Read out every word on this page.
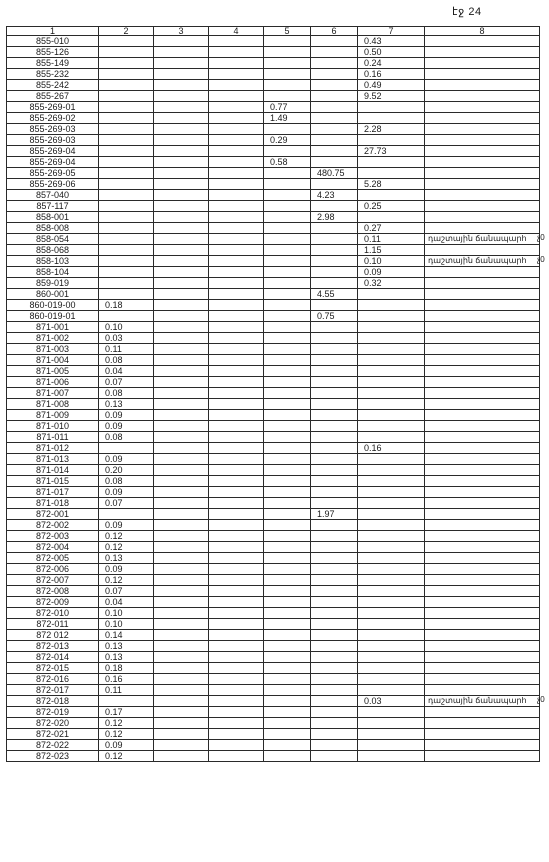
էջ 24
1	2	3	4	5	6	7	8
855-010						0.43	
855-126						0.50	
855-149						0.24	
855-232						0.16	
855-242						0.49	
855-267						9.52	
855-269-01				0.77			
855-269-02				1.49			
855-269-03						2.28	
855-269-03				0.29			
855-269-04						27.73	
855-269-04				0.58			
855-269-05					480.75		
855-269-06						5.28	
857-040					4.23		
857-117						0.25	
858-001					2.98		
858-008						0.27	
858-054						0.11	դաշտային ճանապարհ
858-068						1.15	
858-103						0.10	դաշտային ճանապարհ
858-104						0.09	
859-019						0.32	
860-001					4.55		
860-019-00	0.18						
860-019-01					0.75		
871-001	0.10						
871-002	0.03						
871-003	0.11						
871-004	0.08						
871-005	0.04						
871-006	0.07						
871-007	0.08						
871-008	0.13						
871-009	0.09						
871-010	0.09						
871-011	0.08						
871-012						0.16	
871-013	0.09						
871-014	0.20						
871-015	0.08						
871-017	0.09						
871-018	0.07						
872-001					1.97		
872-002	0.09						
872-003	0.12						
872-004	0.12						
872-005	0.13						
872-006	0.09						
872-007	0.12						
872-008	0.07						
872-009	0.04						
872-010	0.10						
872-011	0.10						
872 012	0.14						
872-013	0.13						
872-014	0.13						
872-015	0.18						
872-016	0.16						
872-017	0.11						
872-018						0.03	դաշտային ճանապարհ
872-019	0.17						
872-020	0.12						
872-021	0.12						
872-022	0.09						
872-023	0.12						
չ0
չ0
չ0
